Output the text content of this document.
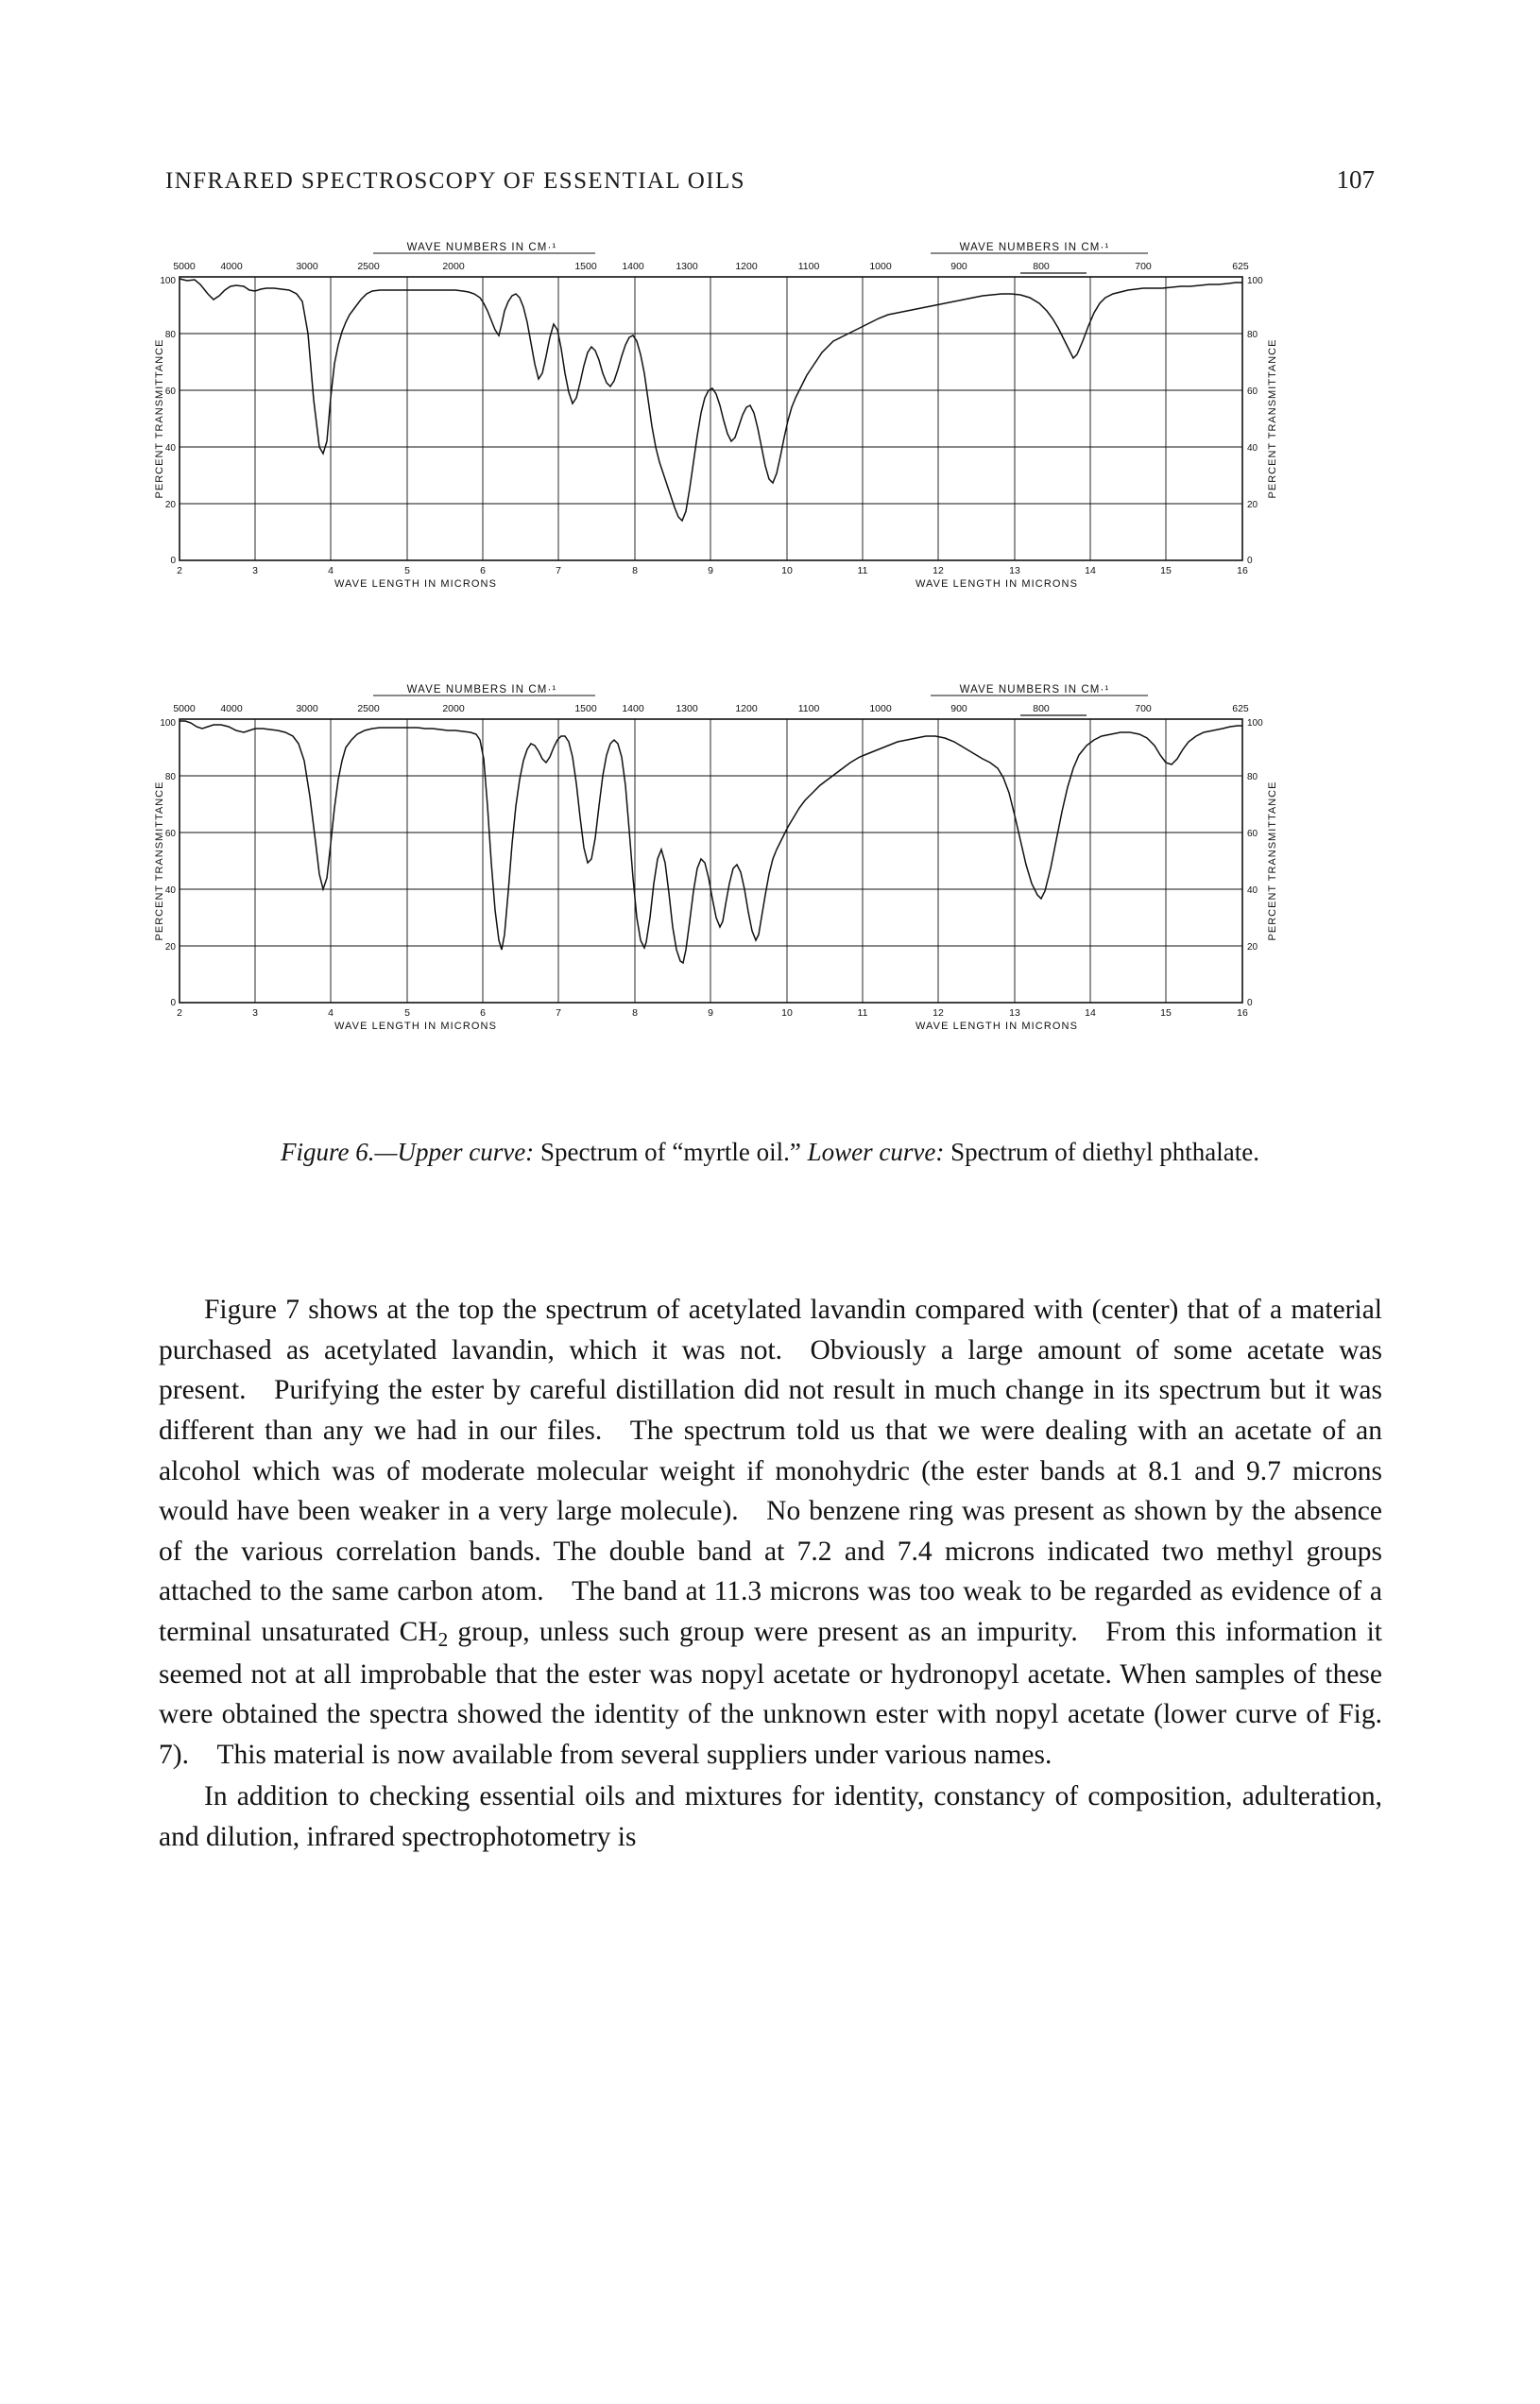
INFRARED SPECTROSCOPY OF ESSENTIAL OILS	107
WAVE NUMBERS IN CM·¹	WAVE NUMBERS IN CM·¹
5000	4000	3000	2500	2000	1500	1400	1300	1200	1100	1000	900	800	700	625
100
80
60
40
20
0
100
80
60
40
20
0
PERCENT TRANSMITTANCE	PERCENT TRANSMITTANCE
2	3	4	5	6	7	8	9	10	11	12	13	14	15	16
WAVE LENGTH IN MICRONS	WAVE LENGTH IN MICRONS
WAVE NUMBERS IN CM·¹	WAVE NUMBERS IN CM·¹
5000	4000	3000	2500	2000	1500	1400	1300	1200	1100	1000	900	800	700	625
100
80
60
40
20
0
100
80
60
40
20
0
PERCENT TRANSMITTANCE	PERCENT TRANSMITTANCE
2	3	4	5	6	7	8	9	10	11	12	13	14	15	16
WAVE LENGTH IN MICRONS	WAVE LENGTH IN MICRONS
Figure 6.—Upper curve: Spectrum of “myrtle oil.” Lower curve: Spectrum of diethyl phthalate.

Figure 7 shows at the top the spectrum of acetylated lavandin compared with (center) that of a material purchased as acetylated lavandin, which it was not. Obviously a large amount of some acetate was present. Purifying the ester by careful distillation did not result in much change in its spectrum but it was different than any we had in our files. The spectrum told us that we were dealing with an acetate of an alcohol which was of moderate molecular weight if monohydric (the ester bands at 8.1 and 9.7 microns would have been weaker in a very large molecule). No benzene ring was present as shown by the absence of the various correlation bands. The double band at 7.2 and 7.4 microns indicated two methyl groups attached to the same carbon atom. The band at 11.3 microns was too weak to be regarded as evidence of a terminal unsaturated $CH_2$ group, unless such group were present as an impurity. From this information it seemed not at all improbable that the ester was nopyl acetate or hydronopyl acetate. When samples of these were obtained the spectra showed the identity of the unknown ester with nopyl acetate (lower curve of Fig. 7). This material is now available from several suppliers under various names.

In addition to checking essential oils and mixtures for identity, constancy of composition, adulteration, and dilution, infrared spectrophotometry is
